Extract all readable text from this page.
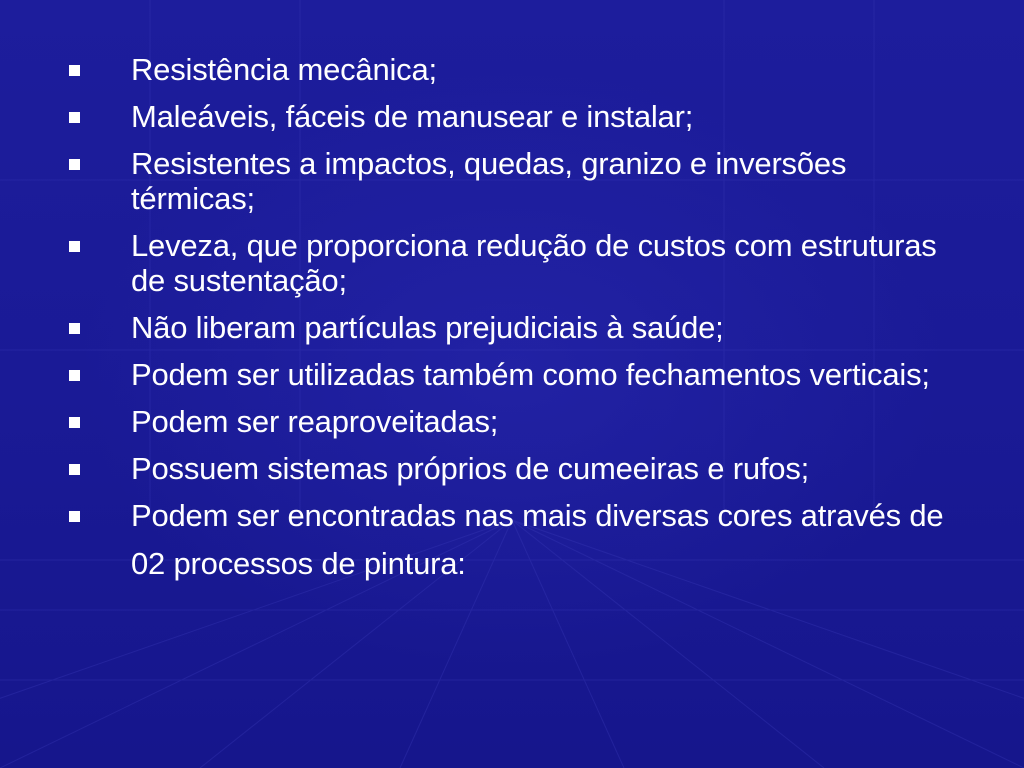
Resistência mecânica;
Maleáveis, fáceis de manusear e instalar;
Resistentes a impactos, quedas, granizo e inversões térmicas;
Leveza, que proporciona redução de custos com estruturas de sustentação;
Não liberam partículas prejudiciais à saúde;
Podem ser utilizadas também como fechamentos verticais;
Podem ser reaproveitadas;
Possuem sistemas próprios de cumeeiras e rufos;
Podem ser encontradas nas mais diversas cores através de 02 processos de pintura:
